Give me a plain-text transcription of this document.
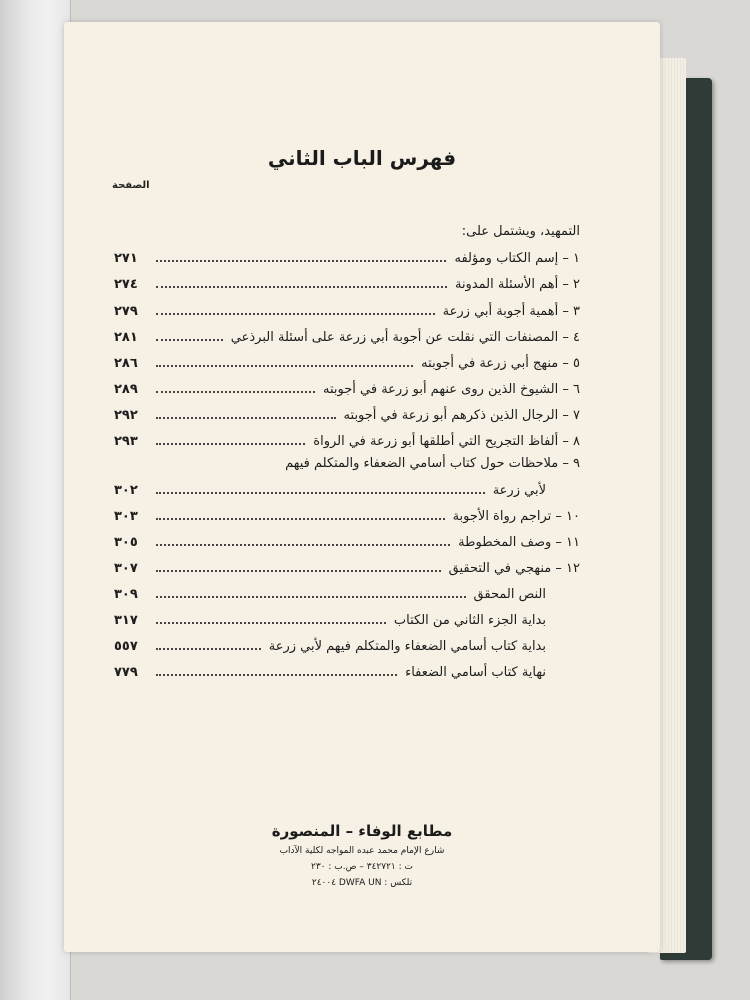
فهرس الباب الثاني
الصفحة
التمهيد، ويشتمل على:
١ – إسم الكتاب ومؤلفه
٢٧١
٢ – أهم الأسئلة المدونة
٢٧٤
٣ – أهمية أجوبة أبي زرعة
٢٧٩
٤ – المصنفات التي نقلت عن أجوبة أبي زرعة على أسئلة البرذعي
٢٨١
٥ – منهج أبي زرعة في أجوبته
٢٨٦
٦ – الشيوخ الذين روى عنهم أبو زرعة في أجوبته
٢٨٩
٧ – الرجال الذين ذكرهم أبو زرعة في أجوبته
٢٩٢
٨ – ألفاظ التجريح التي أطلقها أبو زرعة في الرواة
٢٩٣
٩ – ملاحظات حول كتاب أسامي الضعفاء والمتكلم فيهم
لأبي زرعة
٣٠٢
١٠ – تراجم رواة الأجوبة
٣٠٣
١١ – وصف المخطوطة
٣٠٥
١٢ – منهجي في التحقيق
٣٠٧
النص المحقق
٣٠٩
بداية الجزء الثاني من الكتاب
٣١٧
بداية كتاب أسامي الضعفاء والمتكلم فيهم لأبي زرعة
٥٥٧
نهاية كتاب أسامي الضعفاء
٧٧٩
مطابع الوفاء – المنصورة
شارع الإمام محمد عبده المواجه لكلية الآداب
ت : ٣٤٢٧٢١ – ص.ب : ٢٣٠
تلكس : DWFA UN ٢٤٠٠٤
